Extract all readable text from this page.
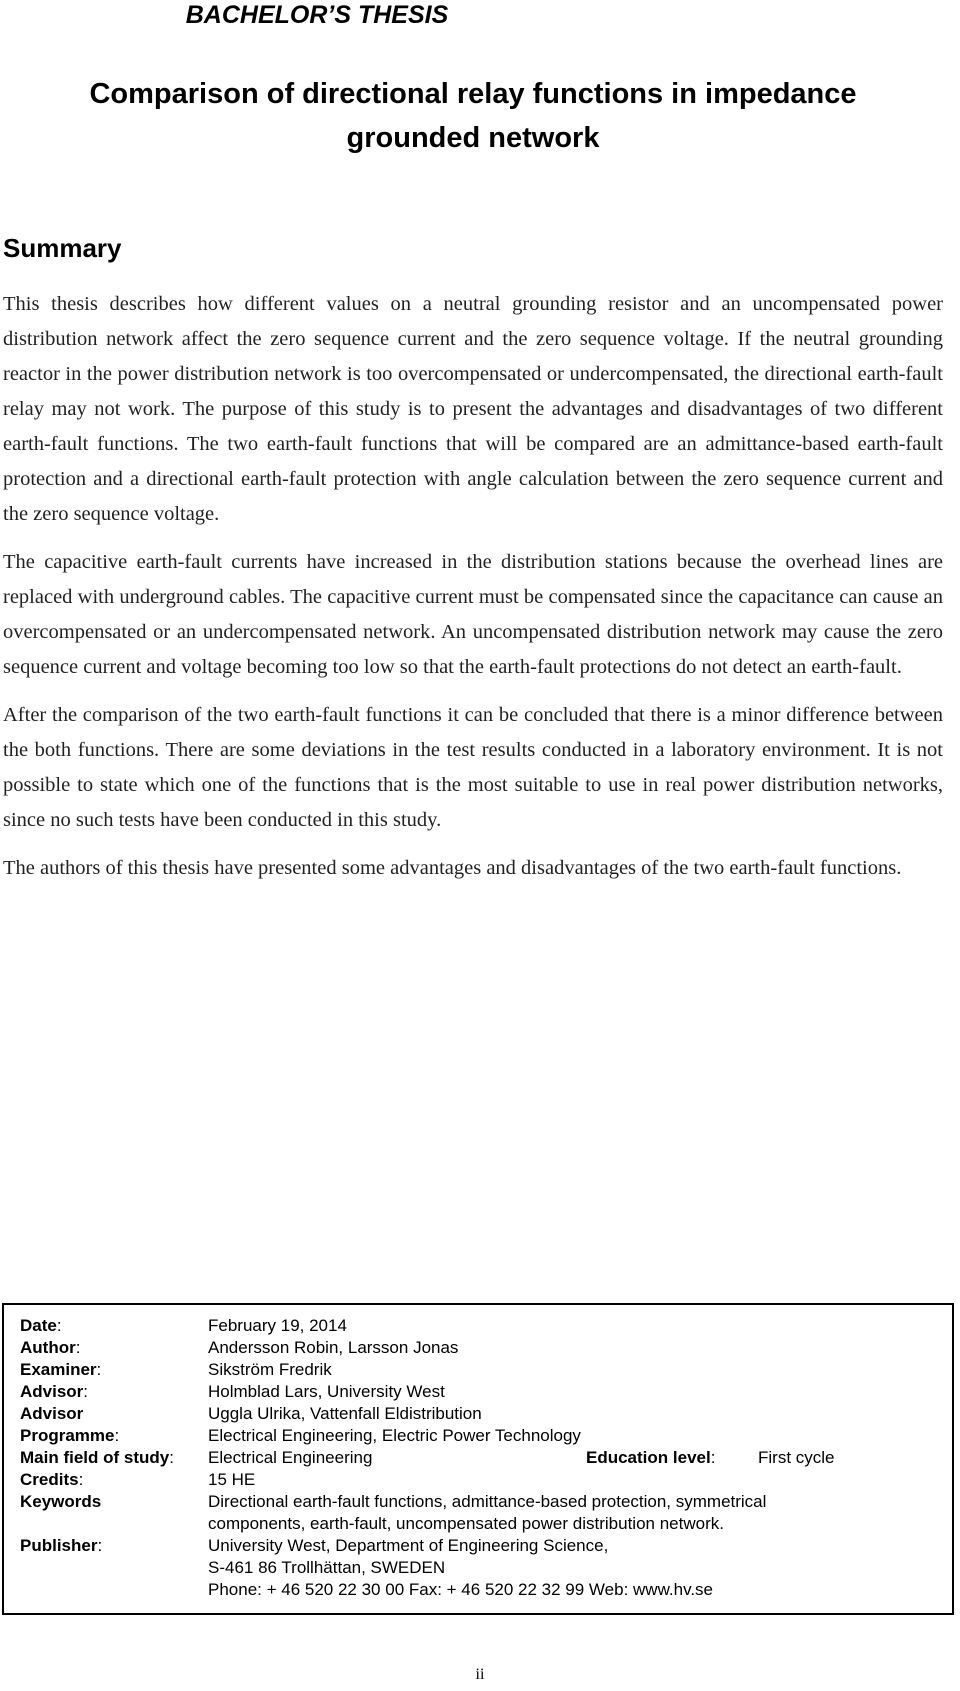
BACHELOR’S THESIS
Comparison of directional relay functions in impedance
grounded network
Summary

This thesis describes how different values on a neutral grounding resistor and an uncompensated power distribution network affect the zero sequence current and the zero sequence voltage. If the neutral grounding reactor in the power distribution network is too overcompensated or undercompensated, the directional earth-fault relay may not work. The purpose of this study is to present the advantages and disadvantages of two different earth-fault functions. The two earth-fault functions that will be compared are an admittance-based earth-fault protection and a directional earth-fault protection with angle calculation between the zero sequence current and the zero sequence voltage.

The capacitive earth-fault currents have increased in the distribution stations because the overhead lines are replaced with underground cables. The capacitive current must be compensated since the capacitance can cause an overcompensated or an undercompensated network. An uncompensated distribution network may cause the zero sequence current and voltage becoming too low so that the earth-fault protections do not detect an earth-fault.

After the comparison of the two earth-fault functions it can be concluded that there is a minor difference between the both functions. There are some deviations in the test results conducted in a laboratory environment. It is not possible to state which one of the functions that is the most suitable to use in real power distribution networks, since no such tests have been conducted in this study.

The authors of this thesis have presented some advantages and disadvantages of the two earth-fault functions.

Date:	February 19, 2014
Author:	Andersson Robin, Larsson Jonas
Examiner:	Sikström Fredrik
Advisor:	Holmblad Lars, University West
Advisor	Uggla Ulrika, Vattenfall Eldistribution
Programme:	Electrical Engineering, Electric Power Technology
Main field of study: Electrical Engineering	Education level:	First cycle
Credits:	15 HE
Keywords	Directional earth-fault functions, admittance-based protection, symmetrical
components, earth-fault, uncompensated power distribution network.
Publisher:	University West, Department of Engineering Science,
S-461 86 Trollhättan, SWEDEN
Phone: + 46 520 22 30 00 Fax: + 46 520 22 32 99 Web: www.hv.se
ii
